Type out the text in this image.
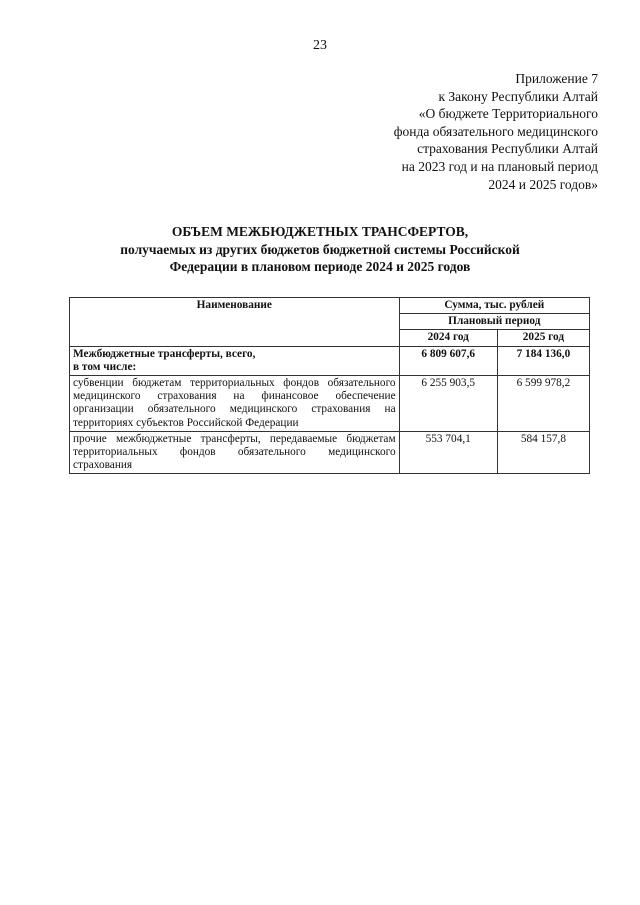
23
Приложение 7
к Закону Республики Алтай
«О бюджете Территориального
фонда обязательного медицинского
страхования Республики Алтай
на 2023 год и на плановый период
2024 и 2025 годов»
ОБЪЕМ МЕЖБЮДЖЕТНЫХ ТРАНСФЕРТОВ,
получаемых из других бюджетов бюджетной системы Российской
Федерации в плановом периоде 2024 и 2025 годов
Наименование	Сумма, тыс. рублей	
	Плановый период	
	2024 год	2025 год
Межбюджетные трансферты, всего,
в том числе:	6 809 607,6	7 184 136,0
субвенции бюджетам территориальных фондов обязательного медицинского страхования на финансовое обеспечение организации обязательного медицинского страхования на территориях субъектов Российской Федерации	6 255 903,5	6 599 978,2
прочие межбюджетные трансферты, передаваемые бюджетам территориальных фондов обязательного медицинского страхования	553 704,1	584 157,8
